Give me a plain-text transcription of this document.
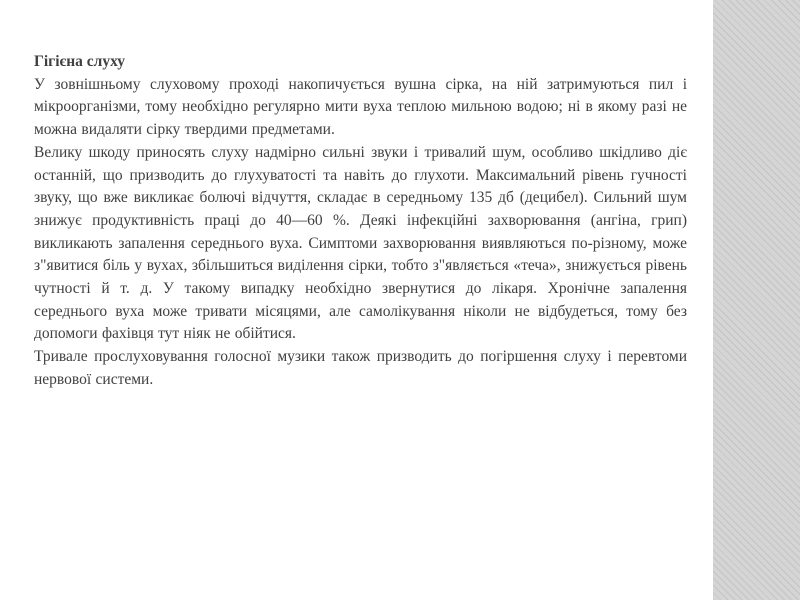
Гігієна слуху

У зовнішньому слуховому проході накопичується вушна сірка, на ній затримуються пил і мікроорганізми, тому необхідно регулярно мити вуха теплою мильною водою; ні в якому разі не можна видаляти сірку твердими предметами.

Велику шкоду приносять слуху надмірно сильні звуки і тривалий шум, особливо шкідливо діє останній, що призводить до глухуватості та навіть до глухоти. Максимальний рівень гучності звуку, що вже викликає болючі відчуття, складає в середньому 135 дб (децибел). Сильний шум знижує продуктивність праці до 40—60 %. Деякі інфекційні захворювання (ангіна, грип) викликають запалення середнього вуха. Симптоми захворювання виявляються по-різному, може з"явитися біль у вухах, збільшиться виділення сірки, тобто з"являється «теча», знижується рівень чутності й т. д. У такому випадку необхідно звернутися до лікаря. Хронічне запалення середнього вуха може тривати місяцями, але самолікування ніколи не відбудеться, тому без допомоги фахівця тут ніяк не обійтися.

Тривале прослуховування голосної музики також призводить до погіршення слуху і перевтоми нервової системи.
